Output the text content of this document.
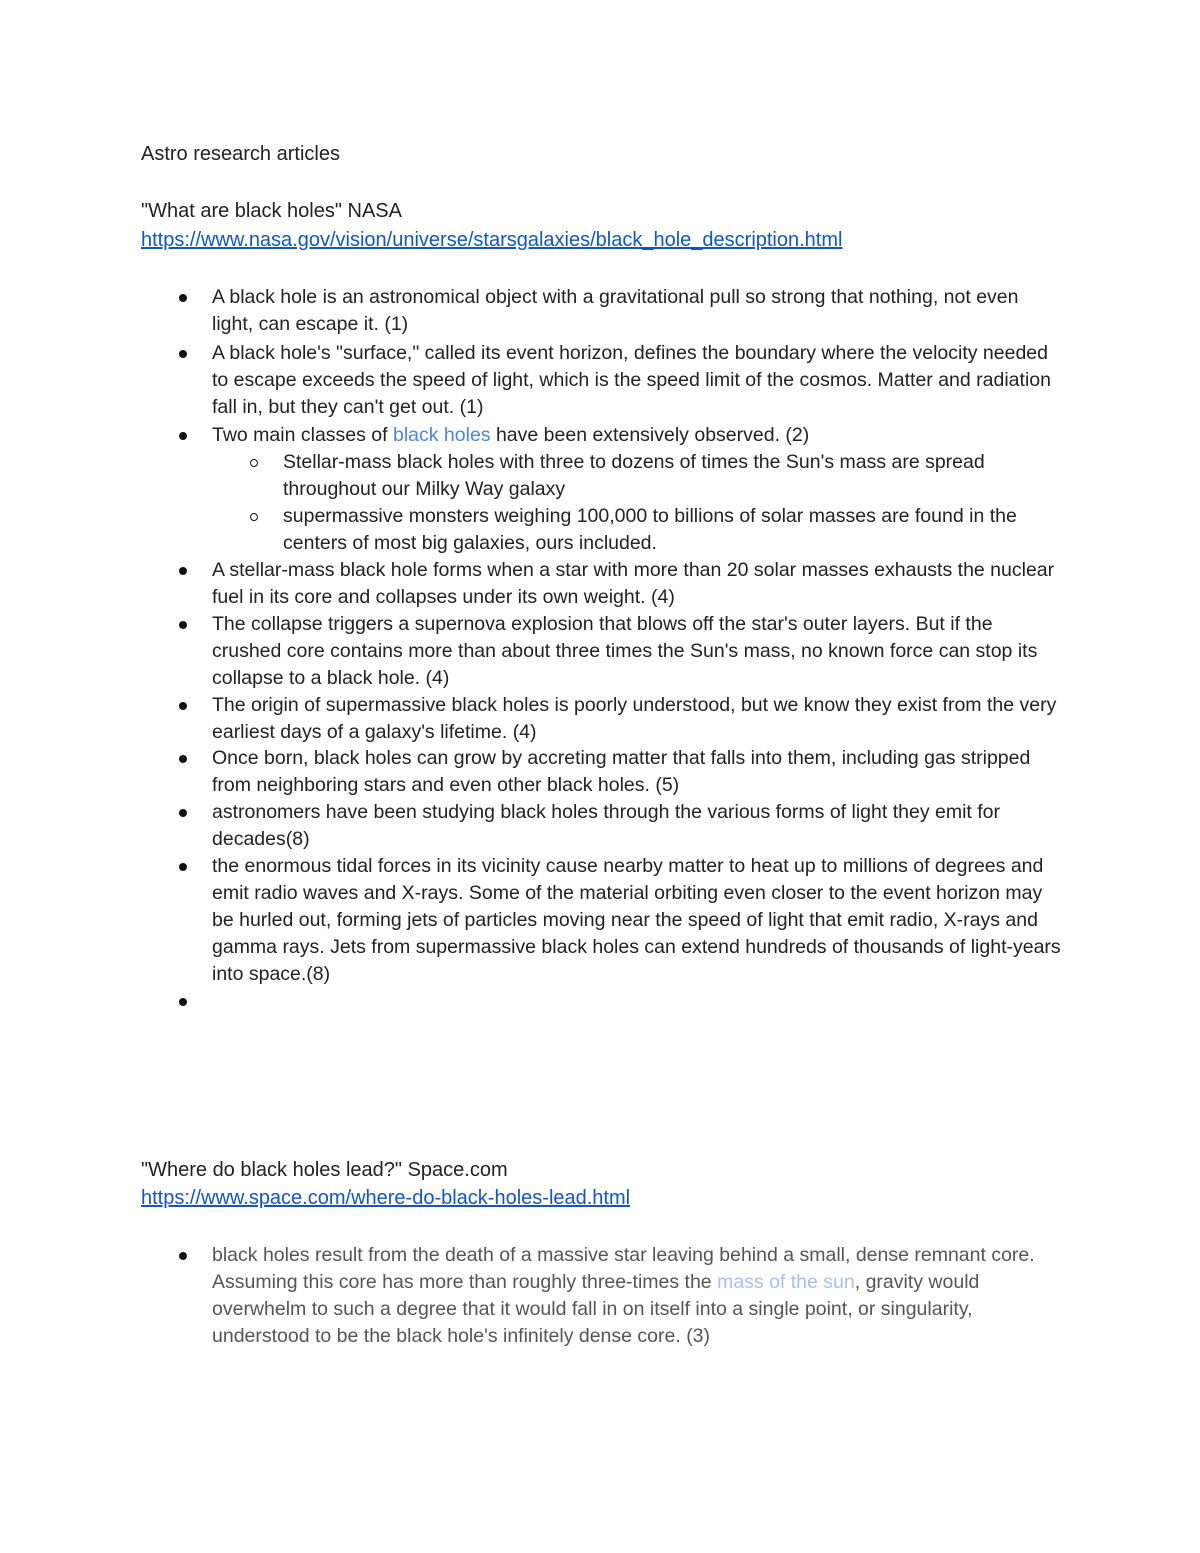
Astro research articles
"What are black holes" NASA
https://www.nasa.gov/vision/universe/starsgalaxies/black_hole_description.html
A black hole is an astronomical object with a gravitational pull so strong that nothing, not even light, can escape it. (1)
A black hole's "surface," called its event horizon, defines the boundary where the velocity needed to escape exceeds the speed of light, which is the speed limit of the cosmos. Matter and radiation fall in, but they can't get out. (1)
Two main classes of black holes have been extensively observed. (2)
Stellar-mass black holes with three to dozens of times the Sun's mass are spread throughout our Milky Way galaxy
supermassive monsters weighing 100,000 to billions of solar masses are found in the centers of most big galaxies, ours included.
A stellar-mass black hole forms when a star with more than 20 solar masses exhausts the nuclear fuel in its core and collapses under its own weight. (4)
The collapse triggers a supernova explosion that blows off the star's outer layers. But if the crushed core contains more than about three times the Sun's mass, no known force can stop its collapse to a black hole. (4)
The origin of supermassive black holes is poorly understood, but we know they exist from the very earliest days of a galaxy's lifetime. (4)
Once born, black holes can grow by accreting matter that falls into them, including gas stripped from neighboring stars and even other black holes. (5)
astronomers have been studying black holes through the various forms of light they emit for decades(8)
the enormous tidal forces in its vicinity cause nearby matter to heat up to millions of degrees and emit radio waves and X-rays. Some of the material orbiting even closer to the event horizon may be hurled out, forming jets of particles moving near the speed of light that emit radio, X-rays and gamma rays. Jets from supermassive black holes can extend hundreds of thousands of light-years into space.(8)
"Where do black holes lead?" Space.com
https://www.space.com/where-do-black-holes-lead.html
black holes result from the death of a massive star leaving behind a small, dense remnant core. Assuming this core has more than roughly three-times the mass of the sun, gravity would overwhelm to such a degree that it would fall in on itself into a single point, or singularity, understood to be the black hole's infinitely dense core. (3)
